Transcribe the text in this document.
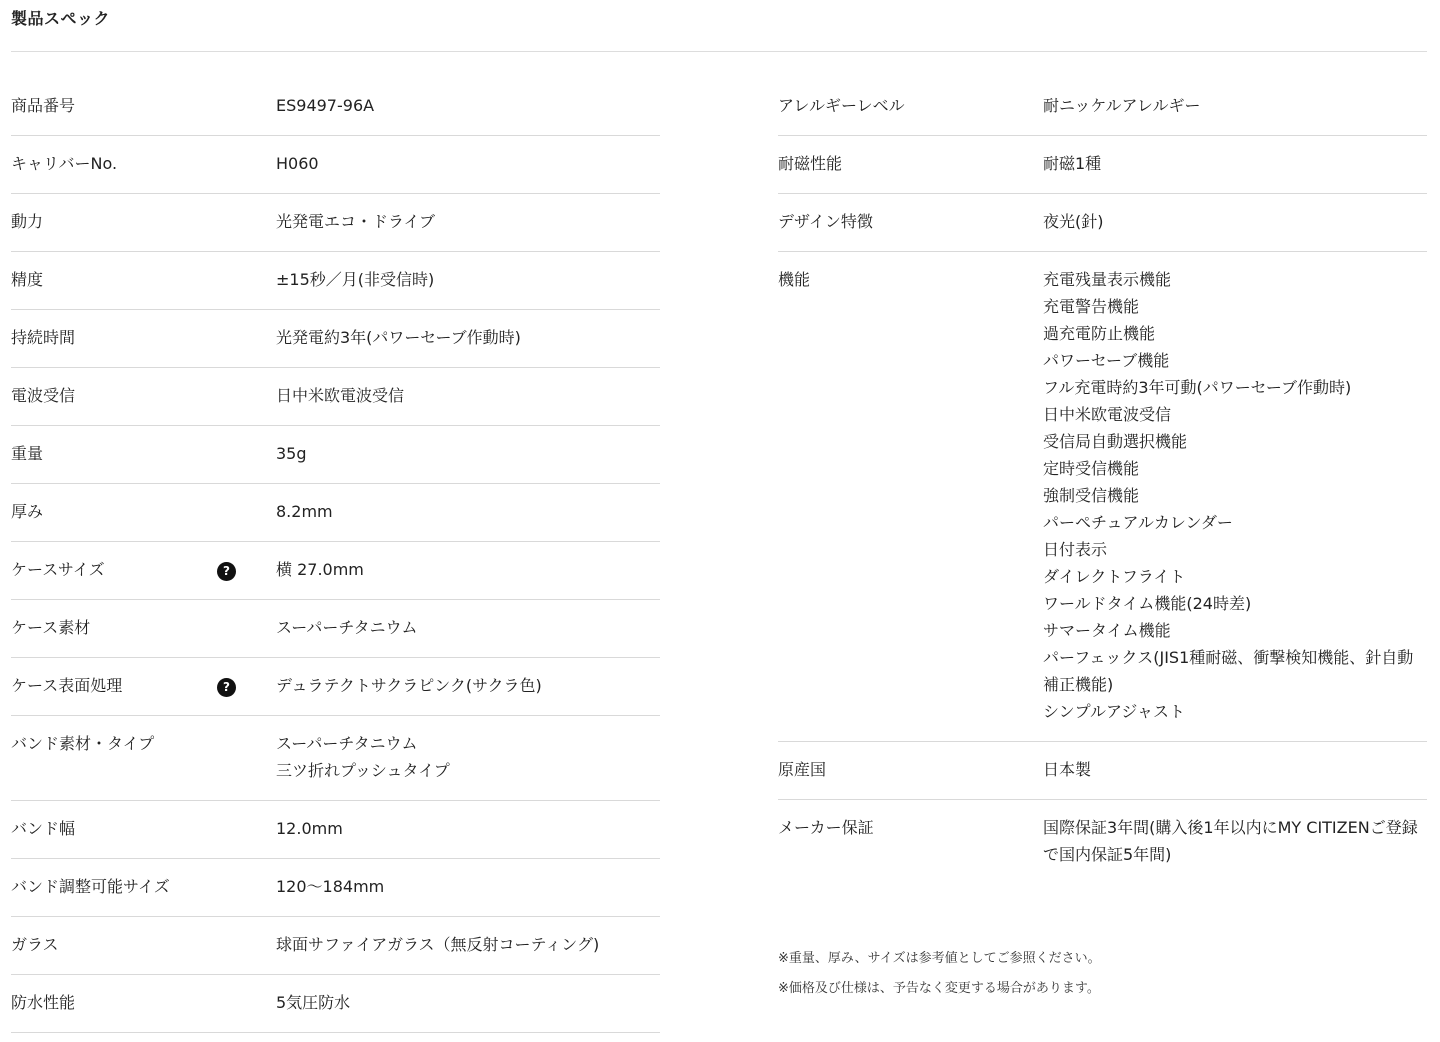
製品スペック
商品番号	ES9497-96A
キャリバーNo.	H060
動力	光発電エコ・ドライブ
精度	±15秒／月(非受信時)
持続時間	光発電約3年(パワーセーブ作動時)
電波受信	日中米欧電波受信
重量	35g
厚み	8.2mm
ケースサイズ	?	横 27.0mm
ケース素材	スーパーチタニウム
ケース表面処理	?	デュラテクトサクラピンク(サクラ色)
バンド素材・タイプ	スーパーチタニウム
三ツ折れプッシュタイプ
バンド幅	12.0mm
バンド調整可能サイズ	120〜184mm
ガラス	球面サファイアガラス（無反射コーティング)
防水性能	5気圧防水
アレルギーレベル	耐ニッケルアレルギー
耐磁性能	耐磁1種
デザイン特徴	夜光(針)
機能	充電残量表示機能
充電警告機能
過充電防止機能
パワーセーブ機能
フル充電時約3年可動(パワーセーブ作動時)
日中米欧電波受信
受信局自動選択機能
定時受信機能
強制受信機能
パーペチュアルカレンダー
日付表示
ダイレクトフライト
ワールドタイム機能(24時差)
サマータイム機能
パーフェックス(JIS1種耐磁、衝撃検知機能、針自動補正機能)
シンプルアジャスト
原産国	日本製
メーカー保証	国際保証3年間(購入後1年以内にMY CITIZENご登録で国内保証5年間)
※重量、厚み、サイズは参考値としてご参照ください。
※価格及び仕様は、予告なく変更する場合があります。
